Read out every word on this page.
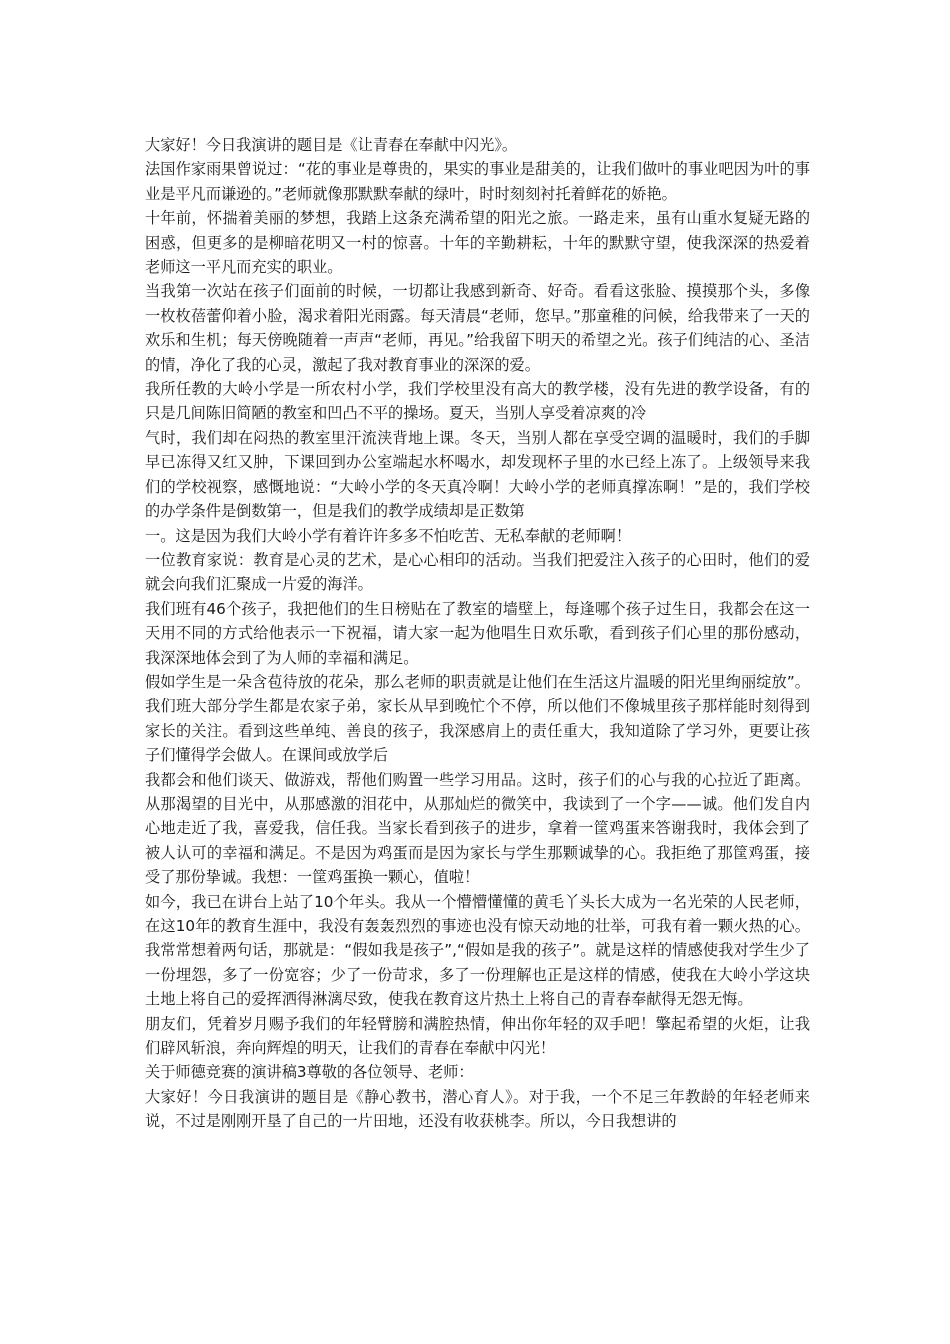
大家好！今日我演讲的题目是《让青春在奉献中闪光》。

法国作家雨果曾说过：“花的事业是尊贵的，果实的事业是甜美的，让我们做叶的事业吧因为叶的事业是平凡而谦逊的。”老师就像那默默奉献的绿叶，时时刻刻衬托着鲜花的娇艳。

十年前，怀揣着美丽的梦想，我踏上这条充满希望的阳光之旅。一路走来，虽有山重水复疑无路的困惑，但更多的是柳暗花明又一村的惊喜。十年的辛勤耕耘，十年的默默守望，使我深深的热爱着老师这一平凡而充实的职业。

当我第一次站在孩子们面前的时候，一切都让我感到新奇、好奇。看看这张脸、摸摸那个头，多像一枚枚蓓蕾仰着小脸，渴求着阳光雨露。每天清晨“老师，您早。”那童稚的问候，给我带来了一天的欢乐和生机；每天傍晚随着一声声“老师，再见。”给我留下明天的希望之光。孩子们纯洁的心、圣洁的情，净化了我的心灵，激起了我对教育事业的深深的爱。

我所任教的大岭小学是一所农村小学，我们学校里没有高大的教学楼，没有先进的教学设备，有的只是几间陈旧简陋的教室和凹凸不平的操场。夏天，当别人享受着凉爽的冷

气时，我们却在闷热的教室里汗流浃背地上课。冬天，当别人都在享受空调的温暖时，我们的手脚早已冻得又红又肿，下课回到办公室端起水杯喝水，却发现杯子里的水已经上冻了。上级领导来我们的学校视察，感慨地说：“大岭小学的冬天真冷啊！大岭小学的老师真撑冻啊！”是的，我们学校的办学条件是倒数第一，但是我们的教学成绩却是正数第

一。这是因为我们大岭小学有着许许多多不怕吃苦、无私奉献的老师啊！

一位教育家说：教育是心灵的艺术，是心心相印的活动。当我们把爱注入孩子的心田时，他们的爱就会向我们汇聚成一片爱的海洋。

我们班有46个孩子，我把他们的生日榜贴在了教室的墙壁上，每逢哪个孩子过生日，我都会在这一天用不同的方式给他表示一下祝福，请大家一起为他唱生日欢乐歌，看到孩子们心里的那份感动，我深深地体会到了为人师的幸福和满足。

假如学生是一朵含苞待放的花朵，那么老师的职责就是让他们在生活这片温暖的阳光里绚丽绽放”。 我们班大部分学生都是农家子弟，家长从早到晚忙个不停，所以他们不像城里孩子那样能时刻得到家长的关注。看到这些单纯、善良的孩子，我深感肩上的责任重大，我知道除了学习外，更要让孩子们懂得学会做人。在课间或放学后

我都会和他们谈天、做游戏，帮他们购置一些学习用品。这时，孩子们的心与我的心拉近了距离。从那渴望的目光中，从那感激的泪花中，从那灿烂的微笑中，我读到了一个字——诚。他们发自内心地走近了我，喜爱我，信任我。当家长看到孩子的进步，拿着一筐鸡蛋来答谢我时，我体会到了被人认可的幸福和满足。不是因为鸡蛋而是因为家长与学生那颗诚挚的心。我拒绝了那筐鸡蛋，接受了那份挚诚。我想：一筐鸡蛋换一颗心，值啦！

如今，我已在讲台上站了10个年头。我从一个懵懵懂懂的黄毛丫头长大成为一名光荣的人民老师，在这10年的教育生涯中，我没有轰轰烈烈的事迹也没有惊天动地的壮举，可我有着一颗火热的心。我常常想着两句话，那就是：“假如我是孩子”,“假如是我的孩子”。就是这样的情感使我对学生少了一份埋怨，多了一份宽容；少了一份苛求，多了一份理解也正是这样的情感，使我在大岭小学这块土地上将自己的爱挥洒得淋漓尽致，使我在教育这片热土上将自己的青春奉献得无怨无悔。

朋友们，凭着岁月赐予我们的年轻臂膀和满腔热情，伸出你年轻的双手吧！擎起希望的火炬，让我们辟风斩浪，奔向辉煌的明天，让我们的青春在奉献中闪光！

关于师德竞赛的演讲稿3尊敬的各位领导、老师：

大家好！今日我演讲的题目是《静心教书，潜心育人》。对于我，一个不足三年教龄的年轻老师来说，不过是刚刚开垦了自己的一片田地，还没有收获桃李。所以，今日我想讲的
